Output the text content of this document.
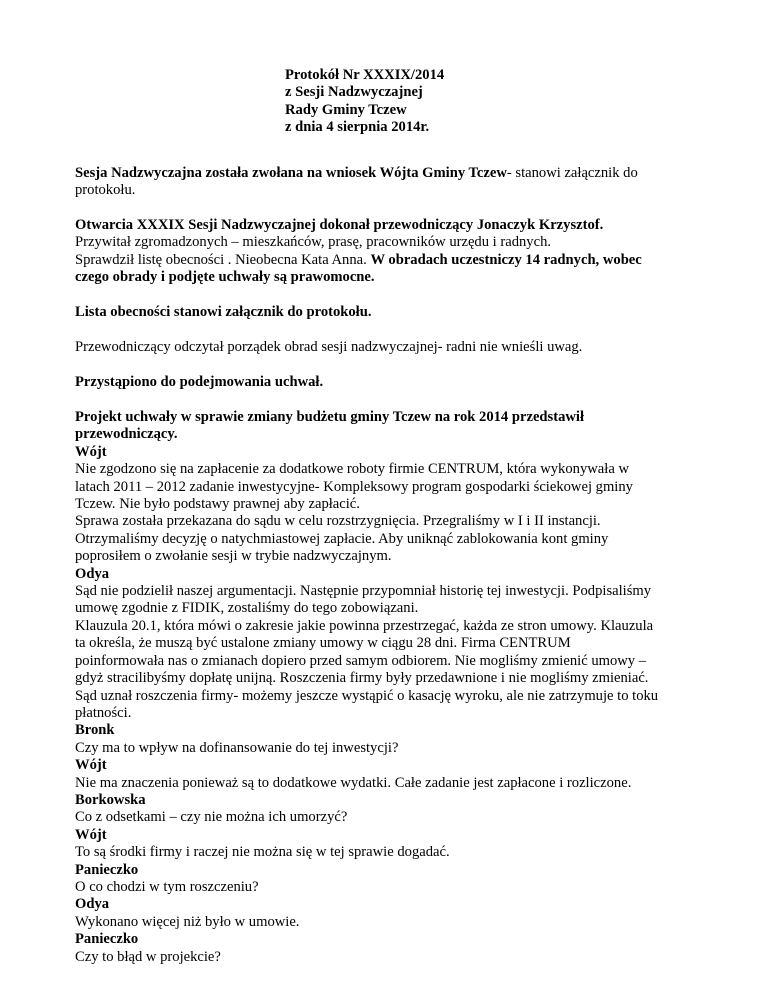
Protokół Nr XXXIX/2014
z Sesji Nadzwyczajnej
Rady Gminy Tczew
z dnia 4 sierpnia 2014r.
Sesja Nadzwyczajna została zwołana na wniosek Wójta Gminy Tczew- stanowi załącznik do
protokołu.
Otwarcia XXXIX Sesji Nadzwyczajnej dokonał przewodniczący Jonaczyk Krzysztof.
Przywitał zgromadzonych – mieszkańców, prasę, pracowników urzędu i radnych.
Sprawdził listę obecności . Nieobecna Kata Anna. W obradach uczestniczy 14 radnych, wobec
czego obrady i podjęte uchwały są prawomocne.
Lista obecności stanowi załącznik do protokołu.
Przewodniczący odczytał porządek obrad sesji nadzwyczajnej- radni nie wnieśli uwag.
Przystąpiono do podejmowania uchwał.
Projekt uchwały w sprawie zmiany budżetu gminy Tczew na rok 2014 przedstawił
przewodniczący.
Wójt
Nie zgodzono się na zapłacenie za dodatkowe roboty firmie CENTRUM, która wykonywała w
latach 2011 – 2012 zadanie inwestycyjne- Kompleksowy program gospodarki ściekowej gminy
Tczew. Nie było podstawy prawnej aby zapłacić.
Sprawa została przekazana do sądu w celu rozstrzygnięcia. Przegraliśmy w I i II instancji.
Otrzymaliśmy decyzję o natychmiastowej zapłacie. Aby uniknąć zablokowania kont gminy
poprosiłem o zwołanie sesji w trybie nadzwyczajnym.
Odya
Sąd nie podzielił naszej argumentacji. Następnie przypomniał historię tej inwestycji. Podpisaliśmy
umowę zgodnie z FIDIK, zostaliśmy do tego zobowiązani.
Klauzula 20.1, która mówi o zakresie jakie powinna przestrzegać, każda ze stron umowy. Klauzula
ta określa, że muszą być ustalone zmiany umowy w ciągu 28 dni. Firma CENTRUM
poinformowała nas o zmianach dopiero przed samym odbiorem. Nie mogliśmy zmienić umowy –
gdyż stracilibyśmy dopłatę unijną. Roszczenia firmy były przedawnione i nie mogliśmy zmieniać.
Sąd uznał roszczenia firmy- możemy jeszcze wystąpić o kasację wyroku, ale nie zatrzymuje to toku
płatności.
Bronk
Czy ma to wpływ na dofinansowanie do tej inwestycji?
Wójt
Nie ma znaczenia ponieważ są to dodatkowe wydatki. Całe zadanie jest zapłacone i rozliczone.
Borkowska
Co z odsetkami – czy nie można ich umorzyć?
Wójt
To są środki firmy i raczej nie można się w tej sprawie dogadać.
Panieczko
O co chodzi w tym roszczeniu?
Odya
Wykonano więcej niż było w umowie.
Panieczko
Czy to błąd w projekcie?
